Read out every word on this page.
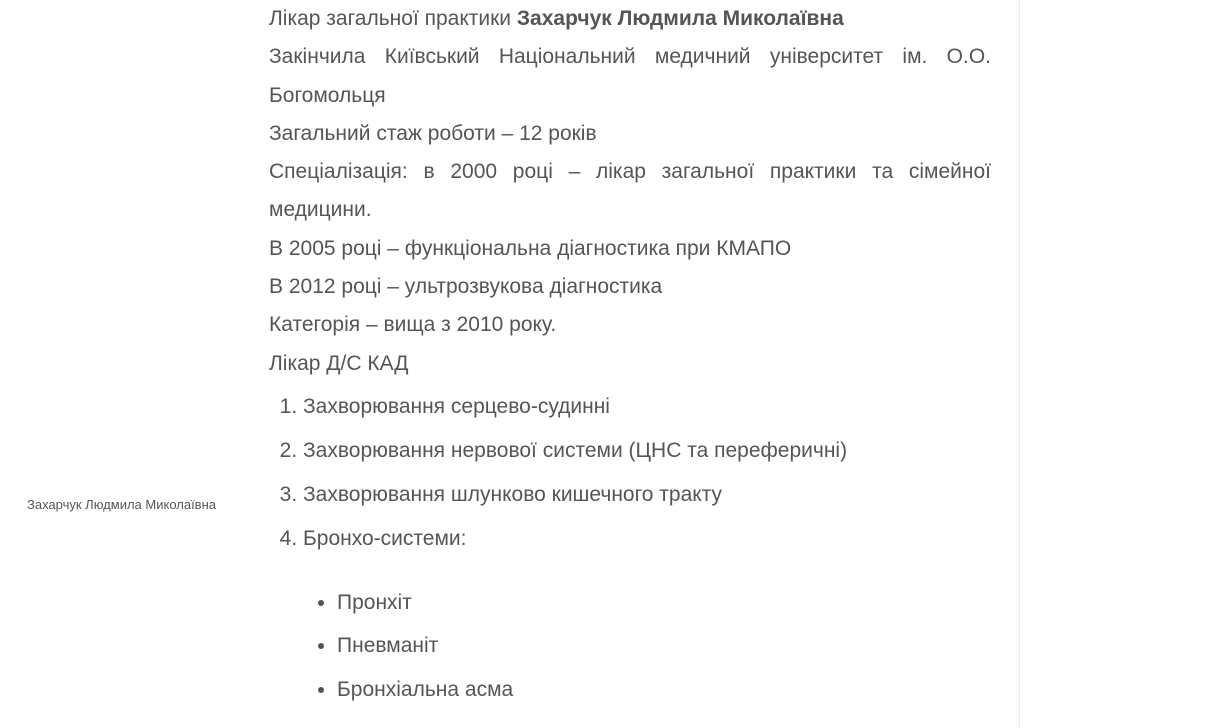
Захарчук Людмила Миколаївна

Лікар загальної практики Захарчук Людмила Миколаївна

Закінчила Київський Національний медичний університет ім. О.О. Богомольця

Загальний стаж роботи – 12 років

Спеціалізація: в 2000 році – лікар загальної практики та сімейної медицини.

В 2005 році – функціональна діагностика при КМАПО

В 2012 році – ультрозвукова діагностика

Категорія – вища з 2010 року.

Лікар Д/С КАД

1. Захворювання серцево-судинні
2. Захворювання нервової системи (ЦНС та переферичні)
3. Захворювання шлунково кишечного тракту
4. Бронхо-системи:
• Пронхіт
• Пневманіт
• Бронхіальна асма
